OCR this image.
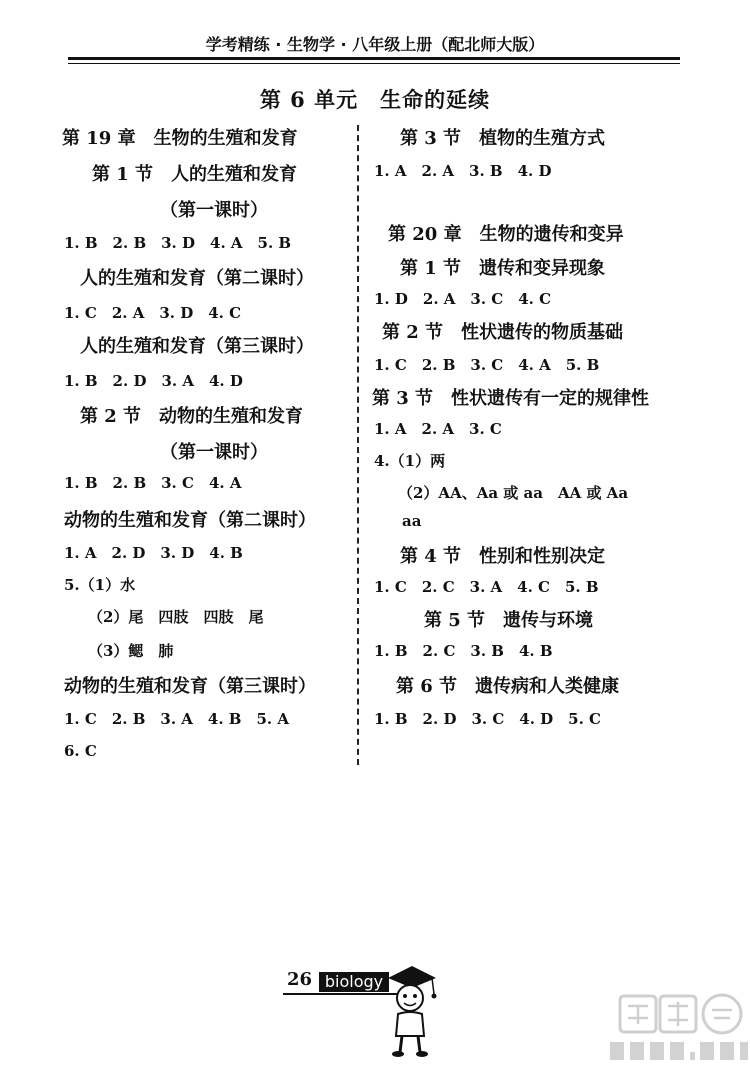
学考精练 · 生物学 · 八年级上册（配北师大版）
第 6 单元　生命的延续
第 19 章　生物的生殖和发育
第 1 节　人的生殖和发育
（第一课时）
1. B　2. B　3. D　4. A　5. B
人的生殖和发育（第二课时）
1. C　2. A　3. D　4. C
人的生殖和发育（第三课时）
1. B　2. D　3. A　4. D
第 2 节　动物的生殖和发育
（第一课时）
1. B　2. B　3. C　4. A
动物的生殖和发育（第二课时）
1. A　2. D　3. D　4. B
5.（1）水
（2）尾　四肢　四肢　尾
（3）鳃　肺
动物的生殖和发育（第三课时）
1. C　2. B　3. A　4. B　5. A
6. C
第 3 节　植物的生殖方式
1. A　2. A　3. B　4. D
第 20 章　生物的遗传和变异
第 1 节　遗传和变异现象
1. D　2. A　3. C　4. C
第 2 节　性状遗传的物质基础
1. C　2. B　3. C　4. A　5. B
第 3 节　性状遗传有一定的规律性
1. A　2. A　3. C
4.（1）两
（2）AA、Aa 或 aa　AA 或 Aa
aa
第 4 节　性别和性别决定
1. C　2. C　3. A　4. C　5. B
第 5 节　遗传与环境
1. B　2. C　3. B　4. B
第 6 节　遗传病和人类健康
1. B　2. D　3. C　4. D　5. C
26 biology
